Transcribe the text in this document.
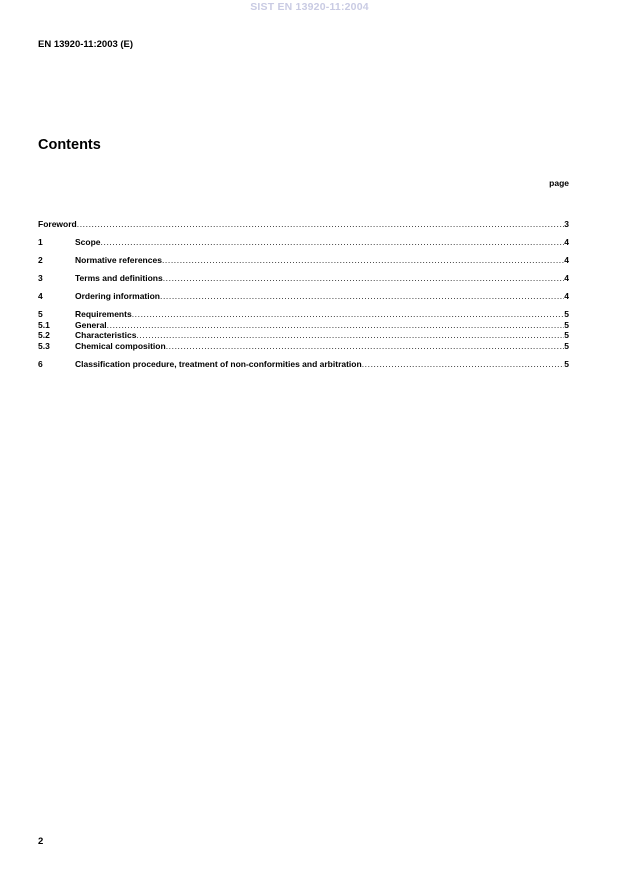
SIST EN 13920-11:2004
EN 13920-11:2003 (E)
Contents
page
Foreword .....	3
1	Scope .....	4
2	Normative references .....	4
3	Terms and definitions .....	4
4	Ordering information .....	4
5	Requirements .....	5
5.1	General .....	5
5.2	Characteristics .....	5
5.3	Chemical composition .....	5
6	Classification procedure, treatment of non-conformities and arbitration .....	5
2
